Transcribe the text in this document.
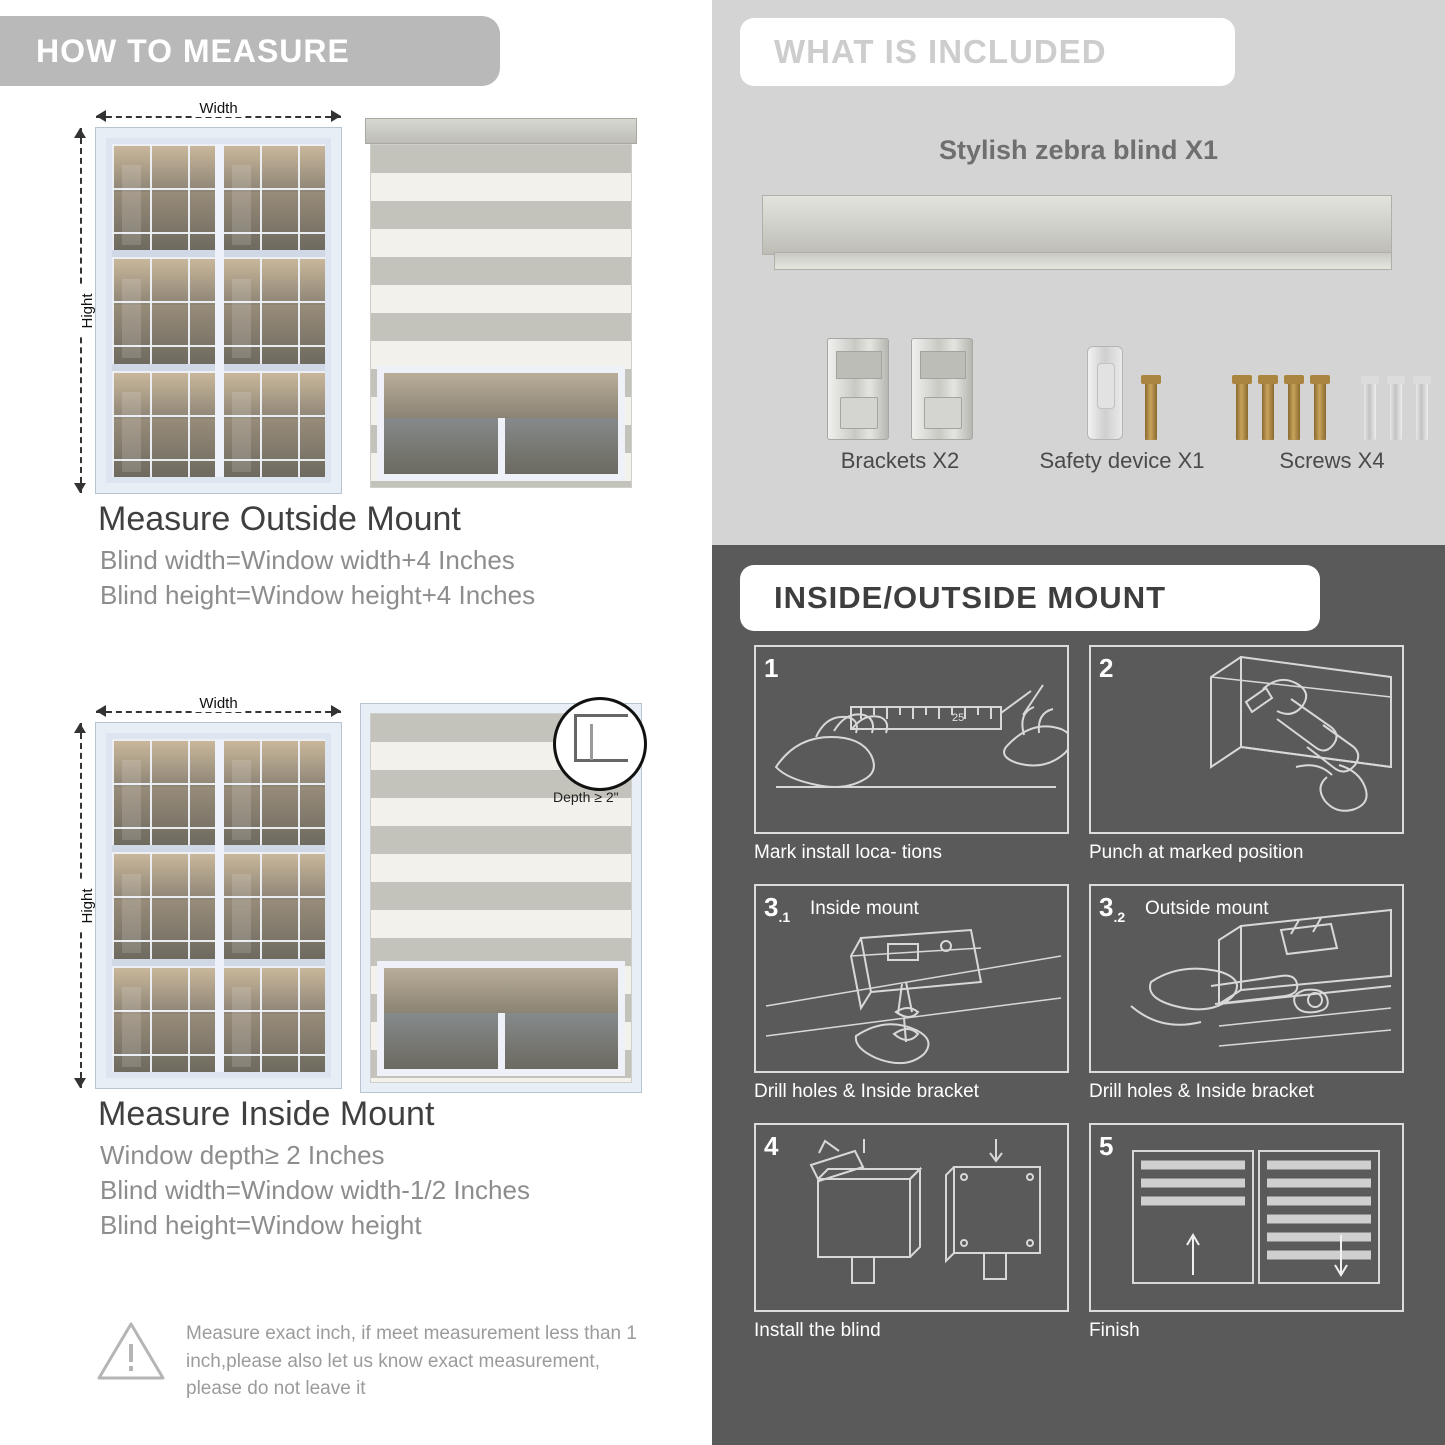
HOW TO MEASURE
Width
Hight
Measure Outside Mount

Blind width=Window width+4 Inches

Blind height=Window height+4 Inches

Width
Hight
Depth ≥ 2"
Measure Inside Mount

Window depth≥ 2 Inches

Blind width=Window width-1/2 Inches

Blind height=Window height

Measure exact inch, if meet measurement less than 1 inch,please also let us know exact measurement, please do not leave it
WHAT IS INCLUDED
Stylish zebra blind X1
Brackets X2	Safety device X1	Screws X4
INSIDE/OUTSIDE MOUNT
1
25
Mark install loca- tions
2
Punch at marked position
$3_{.1}$ Inside mount
Drill holes & Inside bracket
$3_{.2}$ Outside mount
Drill holes & Inside bracket
4
Install the blind
5
Finish
